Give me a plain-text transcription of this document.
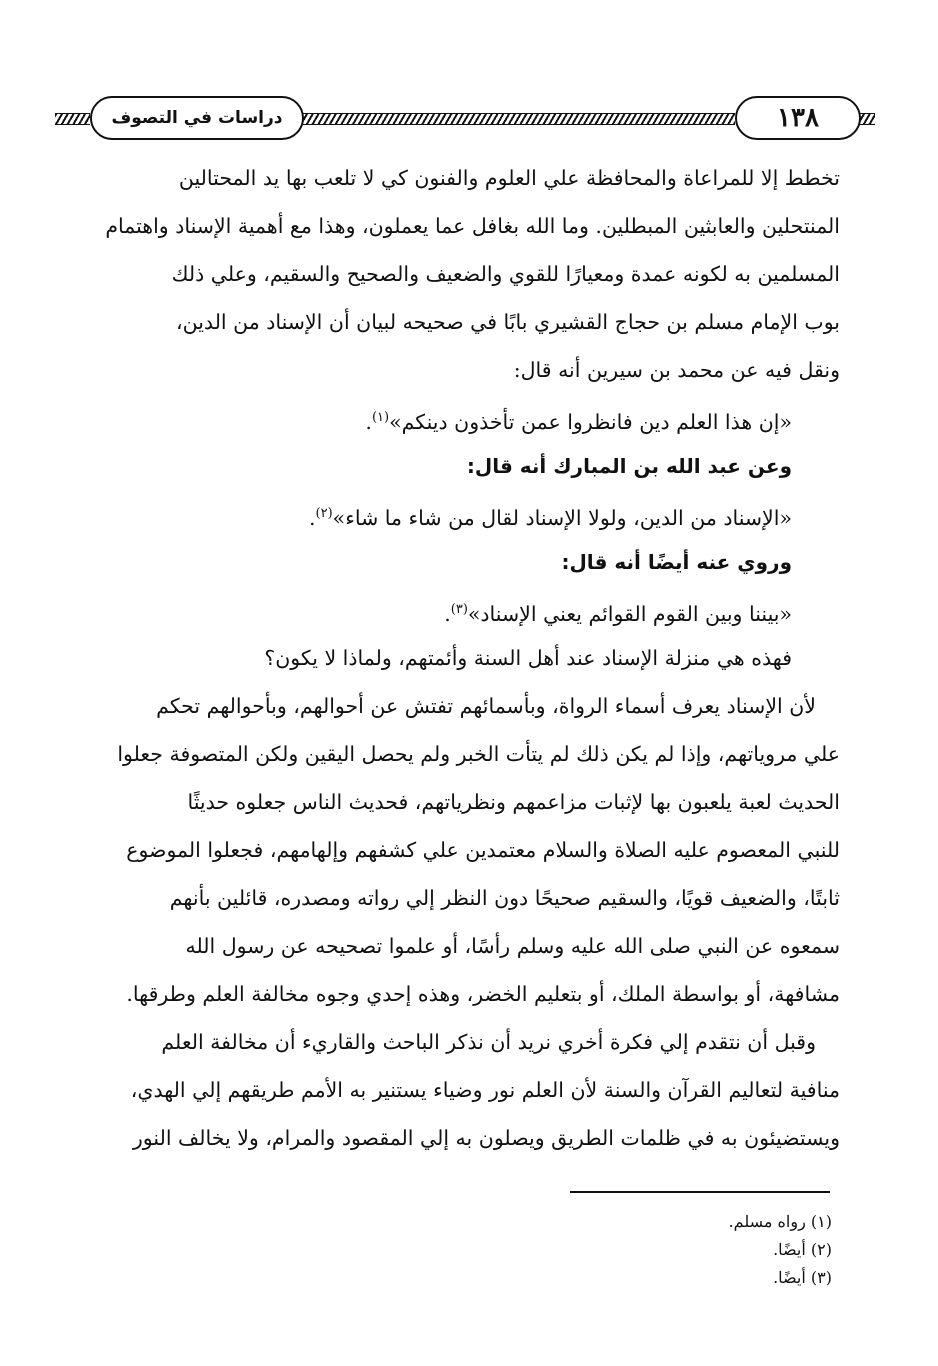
دراسات في التصوف	١٣٨
تخطط إلا للمراعاة والمحافظة علي العلوم والفنون كي لا تلعب بها يد المحتالين
المنتحلين والعابثين المبطلين. وما الله بغافل عما يعملون، وهذا مع أهمية الإسناد واهتمام
المسلمين به لكونه عمدة ومعيارًا للقوي والضعيف والصحيح والسقيم، وعلي ذلك
بوب الإمام مسلم بن حجاج القشيري بابًا في صحيحه لبيان أن الإسناد من الدين،
ونقل فيه عن محمد بن سيرين أنه قال:
«إن هذا العلم دين فانظروا عمن تأخذون دينكم»$^{(١)}$.
وعن عبد الله بن المبارك أنه قال:
«الإسناد من الدين، ولولا الإسناد لقال من شاء ما شاء»$^{(٢)}$.
وروي عنه أيضًا أنه قال:
«بيننا وبين القوم القوائم يعني الإسناد»$^{(٣)}$.
فهذه هي منزلة الإسناد عند أهل السنة وأئمتهم، ولماذا لا يكون؟
لأن الإسناد يعرف أسماء الرواة، وبأسمائهم تفتش عن أحوالهم، وبأحوالهم تحكم
علي مروياتهم، وإذا لم يكن ذلك لم يتأت الخبر ولم يحصل اليقين ولكن المتصوفة جعلوا
الحديث لعبة يلعبون بها لإثبات مزاعمهم ونظرياتهم، فحديث الناس جعلوه حديثًا
للنبي المعصوم عليه الصلاة والسلام معتمدين علي كشفهم وإلهامهم، فجعلوا الموضوع
ثابتًا، والضعيف قويًا، والسقيم صحيحًا دون النظر إلي رواته ومصدره، قائلين بأنهم
سمعوه عن النبي صلى الله عليه وسلم رأسًا، أو علموا تصحيحه عن رسول الله
مشافهة، أو بواسطة الملك، أو بتعليم الخضر، وهذه إحدي وجوه مخالفة العلم وطرقها.
وقبل أن نتقدم إلي فكرة أخري نريد أن نذكر الباحث والقاريء أن مخالفة العلم
منافية لتعاليم القرآن والسنة لأن العلم نور وضياء يستنير به الأمم طريقهم إلي الهدي،
ويستضيئون به في ظلمات الطريق ويصلون به إلي المقصود والمرام، ولا يخالف النور
(١) رواه مسلم.
(٢) أيضًا.
(٣) أيضًا.
